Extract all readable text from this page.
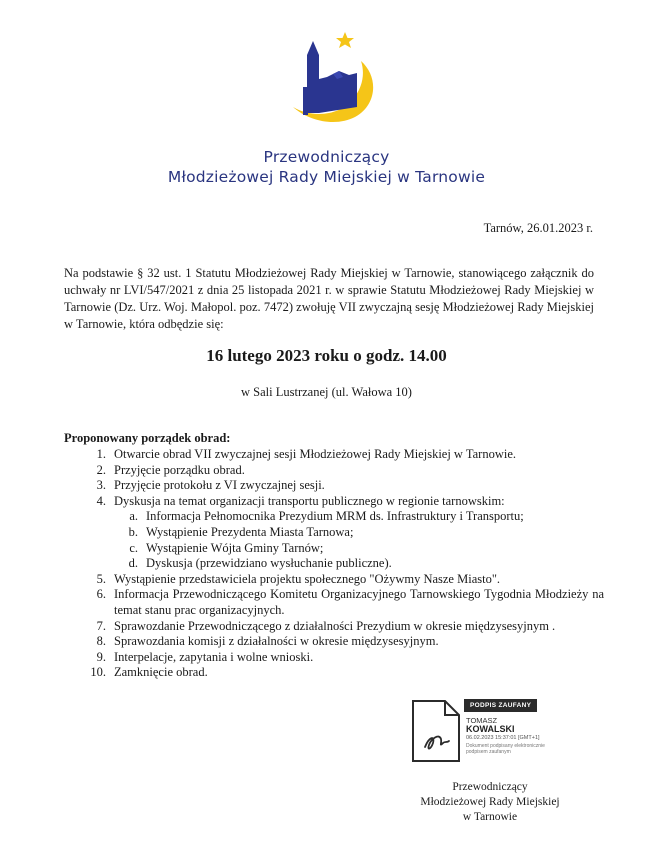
Przewodniczący
Młodzieżowej Rady Miejskiej w Tarnowie
Tarnów, 26.01.2023 r.
Na podstawie § 32 ust. 1 Statutu Młodzieżowej Rady Miejskiej w Tarnowie, stanowiącego załącznik do uchwały nr LVI/547/2021 z dnia 25 listopada 2021 r. w sprawie Statutu Młodzieżowej Rady Miejskiej w Tarnowie (Dz. Urz. Woj. Małopol. poz. 7472) zwołuję VII zwyczajną sesję Młodzieżowej Rady Miejskiej w Tarnowie, która odbędzie się:
16 lutego 2023 roku o godz. 14.00
w Sali Lustrzanej (ul. Wałowa 10)
Proponowany porządek obrad:
1. Otwarcie obrad VII zwyczajnej sesji Młodzieżowej Rady Miejskiej w Tarnowie.
2. Przyjęcie porządku obrad.
3. Przyjęcie protokołu z VI zwyczajnej sesji.
4. Dyskusja na temat organizacji transportu publicznego w regionie tarnowskim:
a. Informacja Pełnomocnika Prezydium MRM ds. Infrastruktury i Transportu;
b. Wystąpienie Prezydenta Miasta Tarnowa;
c. Wystąpienie Wójta Gminy Tarnów;
d. Dyskusja (przewidziano wysłuchanie publiczne).
5. Wystąpienie przedstawiciela projektu społecznego "Ożywmy Nasze Miasto".
6. Informacja Przewodniczącego Komitetu Organizacyjnego Tarnowskiego Tygodnia Młodzieży na temat stanu prac organizacyjnych.
7. Sprawozdanie Przewodniczącego z działalności Prezydium w okresie międzysesyjnym .
8. Sprawozdania komisji z działalności w okresie międzysesyjnym.
9. Interpelacje, zapytania i wolne wnioski.
10. Zamknięcie obrad.
PODPIS ZAUFANY
TOMASZ
KOWALSKI
06.02.2023 15:37:01 [GMT+1]
Dokument podpisany elektronicznie podpisem zaufanym
Przewodniczący
Młodzieżowej Rady Miejskiej
w Tarnowie
